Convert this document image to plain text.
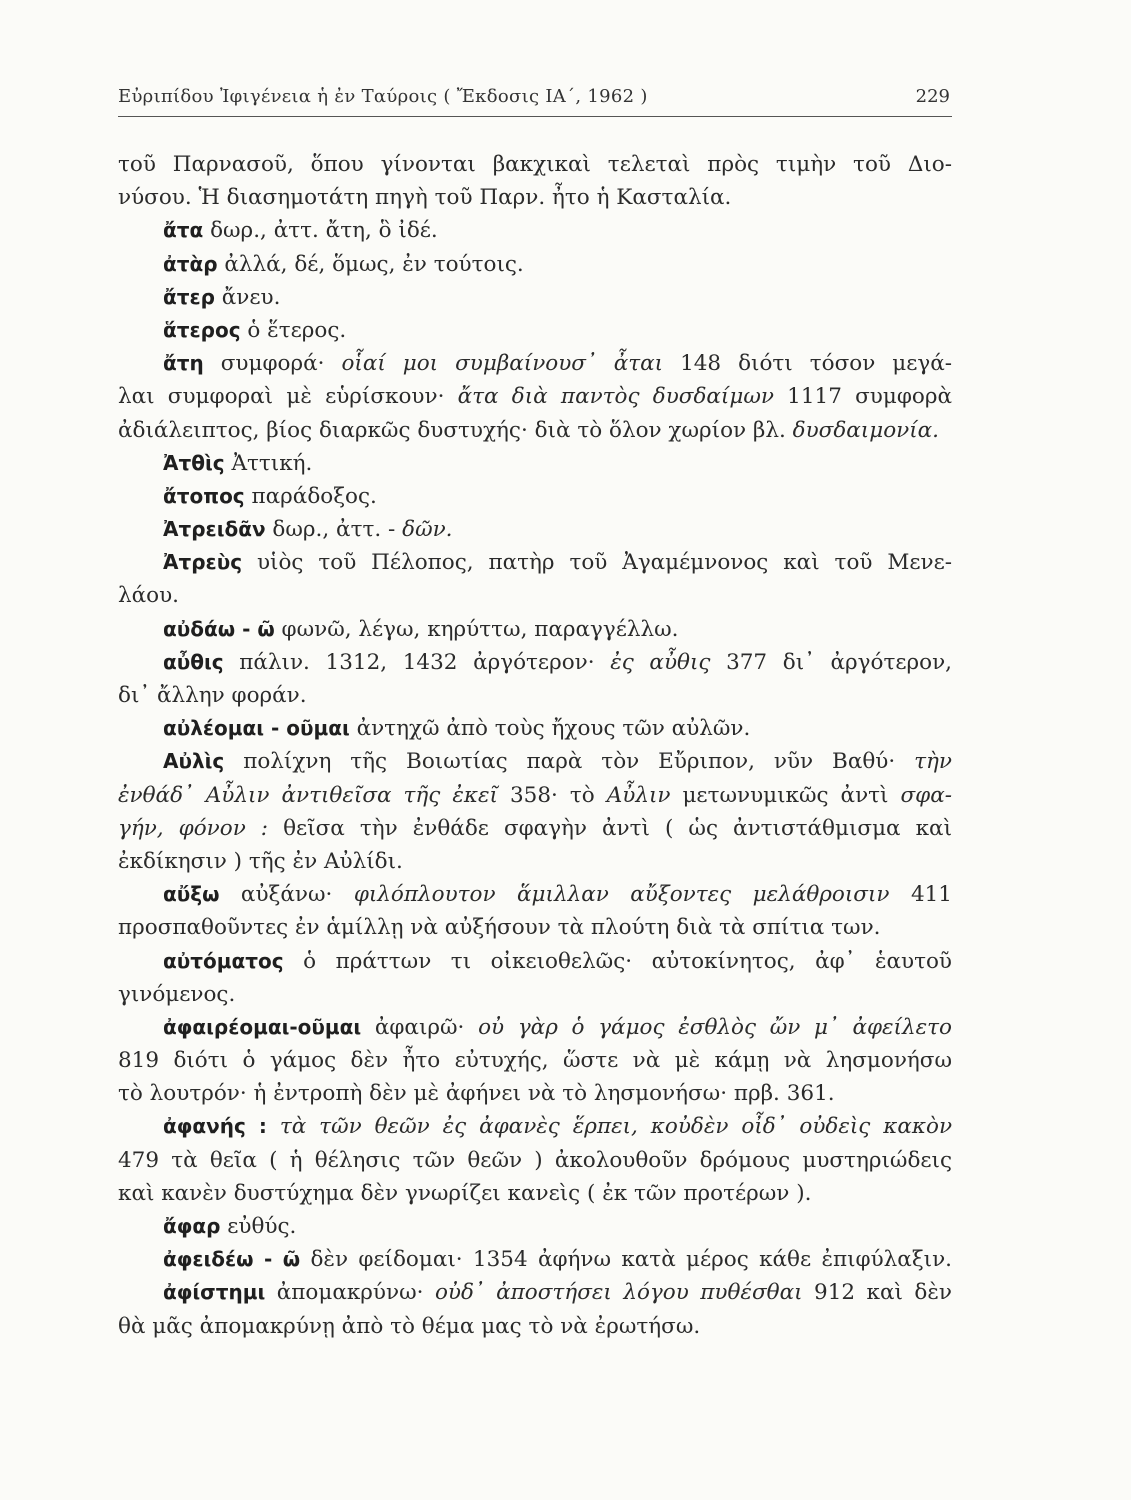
Εὐριπίδου Ἰφιγένεια ἡ ἐν Ταύροις ( Ἔκδοσις ΙΑ΄, 1962 )	229
τοῦ Παρνασοῦ, ὅπου γίνονται βακχικαὶ τελεταὶ πρὸς τιμὴν τοῦ Διο-
νύσου. Ἡ διασημοτάτη πηγὴ τοῦ Παρν. ἦτο ἡ Κασταλία.
ἄτα δωρ., ἀττ. ἄτη, ὃ ἰδέ.
ἀτὰρ ἀλλά, δέ, ὅμως, ἐν τούτοις.
ἄτερ ἄνευ.
ἅτερος ὁ ἕτερος.
ἄτη συμφορά· οἷαί μοι συμβαίνουσ᾽ ἆται 148 διότι τόσον μεγά-
λαι συμφοραὶ μὲ εὑρίσκουν· ἄτα διὰ παντὸς δυσδαίμων 1117 συμφορὰ
ἀδιάλειπτος, βίος διαρκῶς δυστυχής· διὰ τὸ ὅλον χωρίον βλ. δυσδαιμονία.
Ἀτθὶς Ἀττική.
ἄτοπος παράδοξος.
Ἀτρειδᾶν δωρ., ἀττ. - δῶν.
Ἀτρεὺς υἱὸς τοῦ Πέλοπος, πατὴρ τοῦ Ἀγαμέμνονος καὶ τοῦ Μενε-
λάου.
αὐδάω - ῶ φωνῶ, λέγω, κηρύττω, παραγγέλλω.
αὖθις πάλιν. 1312, 1432 ἀργότερον· ἐς αὖθις 377 δι᾽ ἀργότερον,
δι᾽ ἄλλην φοράν.
αὐλέομαι - οῦμαι ἀντηχῶ ἀπὸ τοὺς ἤχους τῶν αὐλῶν.
Αὐλὶς πολίχνη τῆς Βοιωτίας παρὰ τὸν Εὔριπον, νῦν Βαθύ· τὴν
ἐνθάδ᾽ Αὖλιν ἀντιθεῖσα τῆς ἐκεῖ 358· τὸ Αὖλιν μετωνυμικῶς ἀντὶ σφα-
γήν, φόνον : θεῖσα τὴν ἐνθάδε σφαγὴν ἀντὶ ( ὡς ἀντιστάθμισμα καὶ
ἐκδίκησιν ) τῆς ἐν Αὐλίδι.
αὔξω αὐξάνω· φιλόπλουτον ἅμιλλαν αὔξοντες μελάθροισιν 411
προσπαθοῦντες ἐν ἁμίλλῃ νὰ αὐξήσουν τὰ πλούτη διὰ τὰ σπίτια των.
αὐτόματος ὁ πράττων τι οἰκειοθελῶς· αὐτοκίνητος, ἀφ᾽ ἑαυτοῦ
γινόμενος.
ἀφαιρέομαι-οῦμαι ἀφαιρῶ· οὐ γὰρ ὁ γάμος ἐσθλὸς ὤν μ᾽ ἀφείλετο
819 διότι ὁ γάμος δὲν ἦτο εὐτυχής, ὥστε νὰ μὲ κάμῃ νὰ λησμονήσω
τὸ λουτρόν· ἡ ἐντροπὴ δὲν μὲ ἀφήνει νὰ τὸ λησμονήσω· πρβ. 361.
ἀφανής : τὰ τῶν θεῶν ἐς ἀφανὲς ἕρπει, κοὐδὲν οἶδ᾽ οὐδεὶς κακὸν
479 τὰ θεῖα ( ἡ θέλησις τῶν θεῶν ) ἀκολουθοῦν δρόμους μυστηριώδεις
καὶ κανὲν δυστύχημα δὲν γνωρίζει κανεὶς ( ἐκ τῶν προτέρων ).
ἄφαρ εὐθύς.
ἀφειδέω - ῶ δὲν φείδομαι· 1354 ἀφήνω κατὰ μέρος κάθε ἐπιφύλαξιν.
ἀφίστημι ἀπομακρύνω· οὐδ᾽ ἀποστήσει λόγου πυθέσθαι 912 καὶ δὲν
θὰ μᾶς ἀπομακρύνῃ ἀπὸ τὸ θέμα μας τὸ νὰ ἐρωτήσω.
